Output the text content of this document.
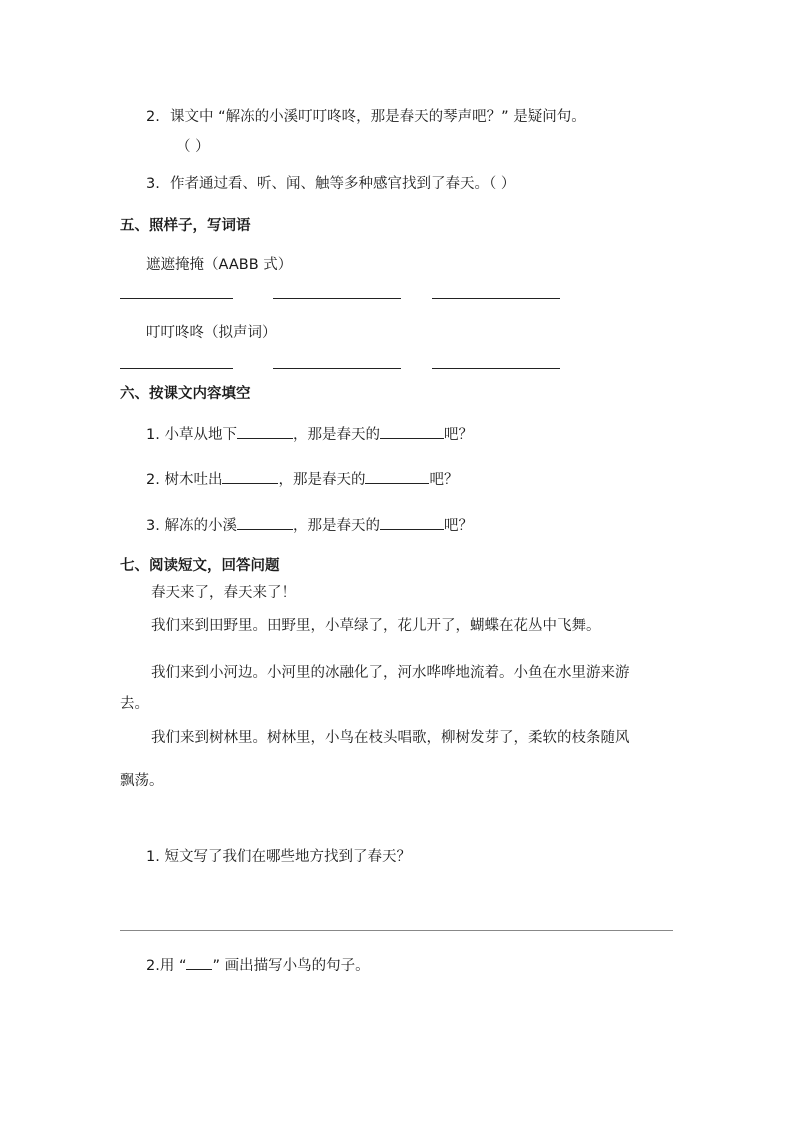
2. 课文中 “解冻的小溪叮叮咚咚，那是春天的琴声吧？” 是疑问句。
（ ）
3. 作者通过看、听、闻、触等多种感官找到了春天。（ ）
五、照样子，写词语
遮遮掩掩（AABB 式）
叮叮咚咚（拟声词）
六、按课文内容填空
1. 小草从地下	，那是春天的	吧？
2. 树木吐出	，那是春天的	吧？
3. 解冻的小溪	，那是春天的	吧？
七、阅读短文，回答问题
春天来了，春天来了！
我们来到田野里。田野里，小草绿了，花儿开了，蝴蝶在花丛中飞舞。
我们来到小河边。小河里的冰融化了，河水哗哗地流着。小鱼在水里游来游
去。
我们来到树林里。树林里，小鸟在枝头唱歌，柳树发芽了，柔软的枝条随风
飘荡。
1. 短文写了我们在哪些地方找到了春天？
2.用 “ ” 画出描写小鸟的句子。
